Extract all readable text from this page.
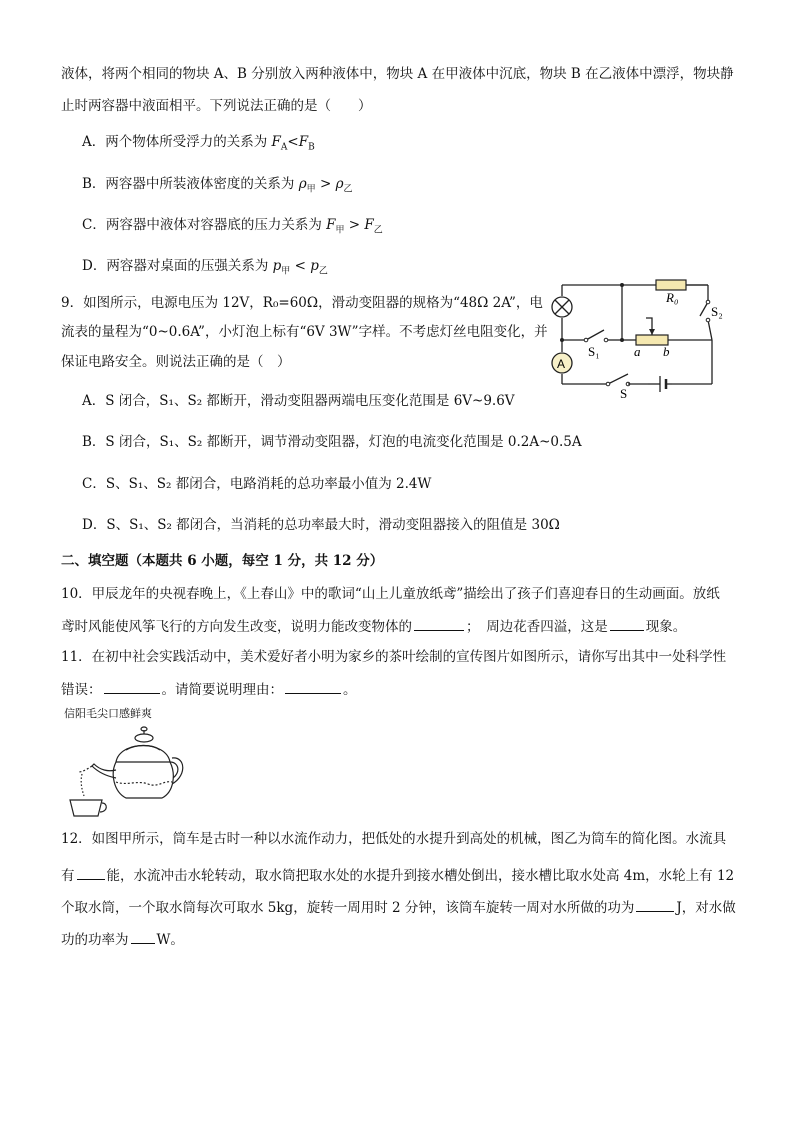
液体，将两个相同的物块 A、B 分别放入两种液体中，物块 A 在甲液体中沉底，物块 B 在乙液体中漂浮，物块静
止时两容器中液面相平。下列说法正确的是（　　）
A．两个物体所受浮力的关系为 $F_A<F_B$
B．两容器中所装液体密度的关系为 $\rho_甲 > \rho_乙$
C．两容器中液体对容器底的压力关系为 $F_甲 > F_乙$
D．两容器对桌面的压强关系为 $p_甲 < p_乙$
9．如图所示，电源电压为 12V，R₀=60Ω，滑动变阻器的规格为“48Ω 2A”，电
流表的量程为“0~0.6A”，小灯泡上标有“6V 3W”字样。不考虑灯丝电阻变化，并
保证电路安全。则说法正确的是（　）
R₀
S₂
S₁	a b
A
S
A．S 闭合，S₁、S₂ 都断开，滑动变阻器两端电压变化范围是 6V~9.6V
B．S 闭合，S₁、S₂ 都断开，调节滑动变阻器，灯泡的电流变化范围是 0.2A~0.5A
C．S、S₁、S₂ 都闭合，电路消耗的总功率最小值为 2.4W
D．S、S₁、S₂ 都闭合，当消耗的总功率最大时，滑动变阻器接入的阻值是 30Ω
二、填空题（本题共 6 小题，每空 1 分，共 12 分）
10．甲辰龙年的央视春晚上，《上春山》中的歌词“山上儿童放纸鸢”描绘出了孩子们喜迎春日的生动画面。放纸
鸢时风能使风筝飞行的方向发生改变，说明力能改变物体的	；　周边花香四溢，这是	现象。
11．在初中社会实践活动中，美术爱好者小明为家乡的茶叶绘制的宣传图片如图所示，请你写出其中一处科学性
错误：	。请简要说明理由：	。
信阳毛尖口感鲜爽
12．如图甲所示，筒车是古时一种以水流作动力，把低处的水提升到高处的机械，图乙为筒车的简化图。水流具
有 能，水流冲击水轮转动，取水筒把取水处的水提升到接水槽处倒出，接水槽比取水处高 4m，水轮上有 12
个取水筒，一个取水筒每次可取水 5kg，旋转一周用时 2 分钟，该筒车旋转一周对水所做的功为	J，对水做
功的功率为 W。
